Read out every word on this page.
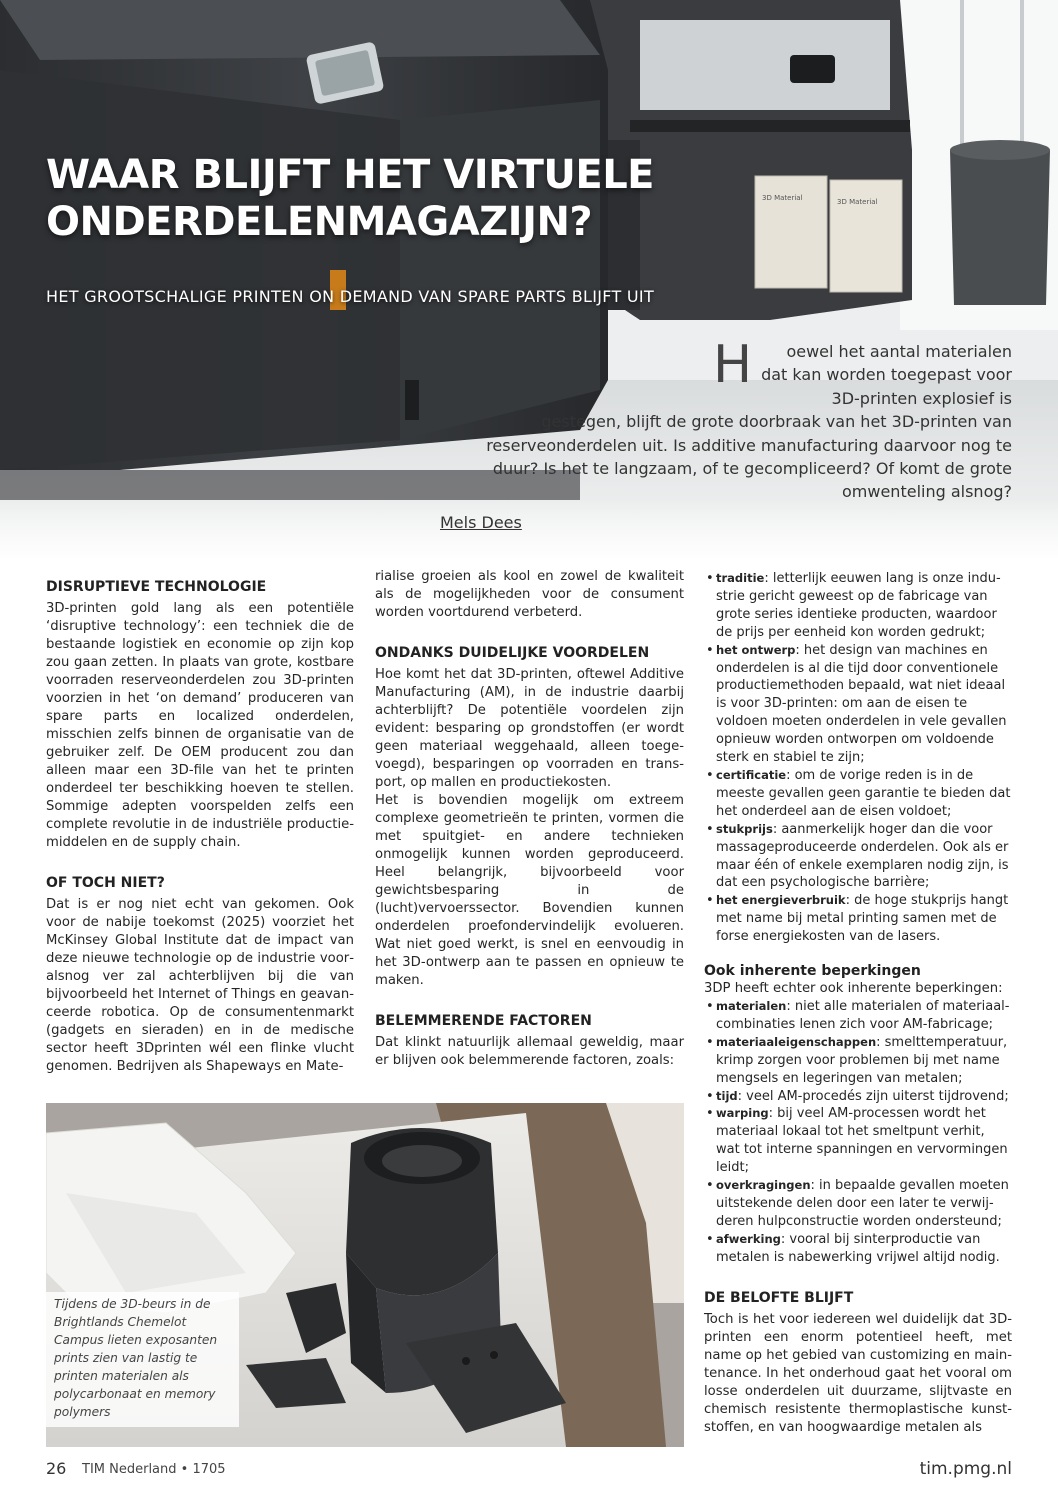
3D Material	3D Material
WAAR BLIJFT HET VIRTUELE
ONDERDELENMAGAZIJN?

HET GROOTSCHALIGE PRINTEN ON DEMAND VAN SPARE PARTS BLIJFT UIT

H oewel het aantal materialen dat kan worden toegepast voor 3D-printen explosief is gestegen, blijft de grote doorbraak van het 3D-printen van reserveonderdelen uit. Is additive manufacturing daarvoor nog te duur? Is het te langzaam, of te gecompliceerd? Of komt de grote omwenteling alsnog?

Mels Dees
DISRUPTIEVE TECHNOLOGIE

3D-printen gold lang als een potentiële ‘disruptive technology’: een techniek die de bestaande logistiek en economie op zijn kop zou gaan zetten. In plaats van grote, kostbare voorraden reserveonderdelen zou 3D-printen voorzien in het ‘on demand’ produceren van spare parts en localized onderdelen, misschien zelfs binnen de organisatie van de gebruiker zelf. De OEM producent zou dan alleen maar een 3D-file van het te printen onderdeel ter beschikking hoeven te stellen. Sommige adepten voorspelden zelfs een complete revolutie in de industriële productiemiddelen en de supply chain.

OF TOCH NIET?

Dat is er nog niet echt van gekomen. Ook voor de nabije toekomst (2025) voorziet het McKinsey Global Institute dat de impact van deze nieuwe technologie op de industrie vooralsnog ver zal achterblijven bij die van bijvoorbeeld het Internet of Things en geavanceerde robotica. Op de consumentenmarkt (gadgets en sieraden) en in de medische sector heeft 3Dprinten wél een flinke vlucht genomen. Bedrijven als Shapeways en Mate-

rialise groeien als kool en zowel de kwaliteit als de mogelijkheden voor de consument worden voortdurend verbeterd.

ONDANKS DUIDELIJKE VOORDELEN

Hoe komt het dat 3D-printen, oftewel Additive Manufacturing (AM), in de industrie daarbij achterblijft? De potentiële voordelen zijn evident: besparing op grondstoffen (er wordt geen materiaal weggehaald, alleen toegevoegd), besparingen op voorraden en transport, op mallen en productiekosten.

Het is bovendien mogelijk om extreem complexe geometrieën te printen, vormen die met spuitgiet- en andere technieken onmogelijk kunnen worden geproduceerd. Heel belangrijk, bijvoorbeeld voor gewichtsbesparing in de (lucht)vervoerssector. Bovendien kunnen onderdelen proefondervindelijk evolueren. Wat niet goed werkt, is snel en eenvoudig in het 3D-ontwerp aan te passen en opnieuw te maken.

BELEMMERENDE FACTOREN

Dat klinkt natuurlijk allemaal geweldig, maar er blijven ook belemmerende factoren, zoals:

• traditie: letterlijk eeuwen lang is onze industrie gericht geweest op de fabricage van grote series identieke producten, waardoor de prijs per eenheid kon worden gedrukt;
• het ontwerp: het design van machines en onderdelen is al die tijd door conventionele productiemethoden bepaald, wat niet ideaal is voor 3D-printen: om aan de eisen te voldoen moeten onderdelen in vele gevallen opnieuw worden ontworpen om voldoende sterk en stabiel te zijn;
• certificatie: om de vorige reden is in de meeste gevallen geen garantie te bieden dat het onderdeel aan de eisen voldoet;
• stukprijs: aanmerkelijk hoger dan die voor massageproduceerde onderdelen. Ook als er maar één of enkele exemplaren nodig zijn, is dat een psychologische barrière;
• het energieverbruik: de hoge stukprijs hangt met name bij metal printing samen met de forse energiekosten van de lasers.
Ook inherente beperkingen

3DP heeft echter ook inherente beperkingen:

• materialen: niet alle materialen of materiaalcombinaties lenen zich voor AM-fabricage;
• materiaaleigenschappen: smelttemperatuur, krimp zorgen voor problemen bij met name mengsels en legeringen van metalen;
• tijd: veel AM-procedés zijn uiterst tijdrovend;
• warping: bij veel AM-processen wordt het materiaal lokaal tot het smeltpunt verhit, wat tot interne spanningen en vervormingen leidt;
• overkragingen: in bepaalde gevallen moeten uitstekende delen door een later te verwijderen hulpconstructie worden ondersteund;
• afwerking: vooral bij sinterproductie van metalen is nabewerking vrijwel altijd nodig.
DE BELOFTE BLIJFT

Toch is het voor iedereen wel duidelijk dat 3D-printen een enorm potentieel heeft, met name op het gebied van customizing en maintenance. In het onderhoud gaat het vooral om losse onderdelen uit duurzame, slijtvaste en chemisch resistente thermoplastische kunststoffen, en van hoogwaardige metalen als

Tijdens de 3D-beurs in de Brightlands Chemelot Campus lieten exposanten prints zien van lastig te printen materialen als polycarbonaat en memory polymers

26 TIM Nederland • 1705	tim.pmg.nl
